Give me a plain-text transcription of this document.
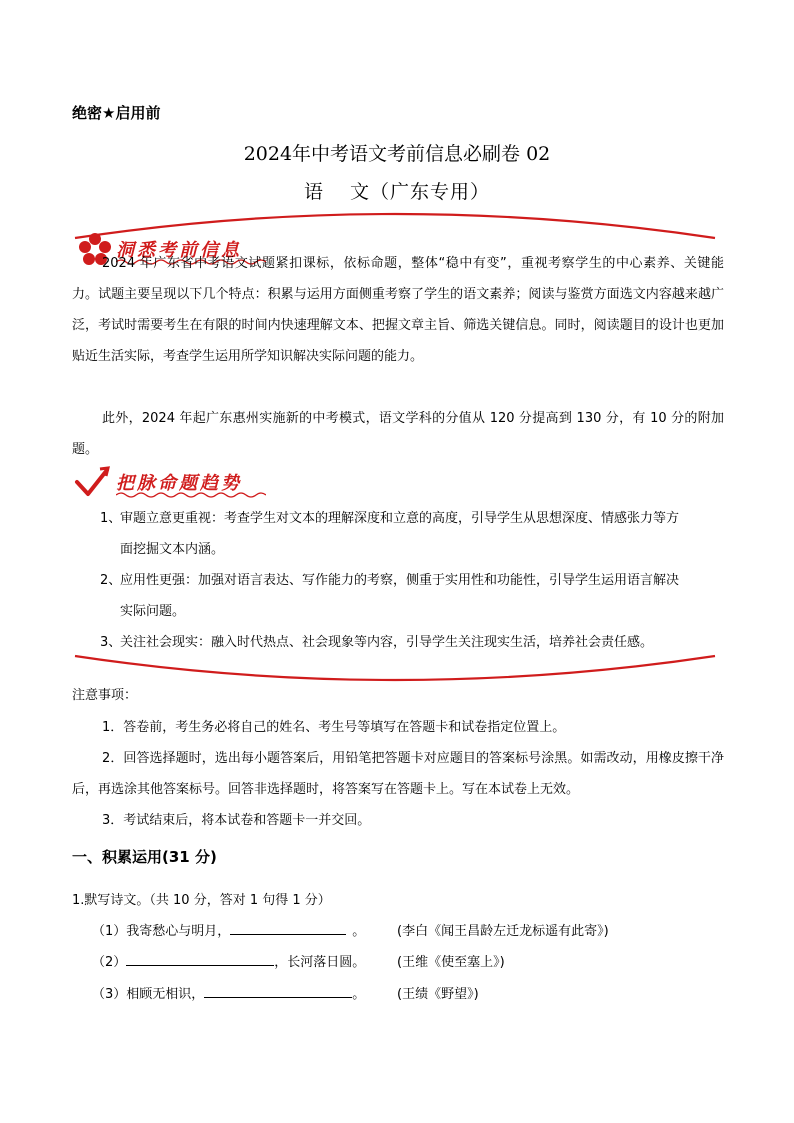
绝密★启用前
2024年中考语文考前信息必刷卷 02
语 文（广东专用）
洞悉考前信息
2024 年广东省中考语文试题紧扣课标，依标命题，整体“稳中有变”，重视考察学生的中心素养、关键能力。试题主要呈现以下几个特点：积累与运用方面侧重考察了学生的语文素养；阅读与鉴赏方面选文内容越来越广泛，考试时需要考生在有限的时间内快速理解文本、把握文章主旨、筛选关键信息。同时，阅读题目的设计也更加贴近生活实际，考查学生运用所学知识解决实际问题的能力。
此外，2024 年起广东惠州实施新的中考模式，语文学科的分值从 120 分提高到 130 分，有 10 分的附加题。
把脉命题趋势
1、审题立意更重视：考查学生对文本的理解深度和立意的高度，引导学生从思想深度、情感张力等方
面挖掘文本内涵。
2、应用性更强：加强对语言表达、写作能力的考察，侧重于实用性和功能性，引导学生运用语言解决
实际问题。
3、关注社会现实：融入时代热点、社会现象等内容，引导学生关注现实生活，培养社会责任感。
注意事项：
1．答卷前，考生务必将自己的姓名、考生号等填写在答题卡和试卷指定位置上。
2．回答选择题时，选出每小题答案后，用铅笔把答题卡对应题目的答案标号涂黑。如需改动，用橡皮擦干净后，再选涂其他答案标号。回答非选择题时，将答案写在答题卡上。写在本试卷上无效。
3．考试结束后，将本试卷和答题卡一并交回。
一、积累运用(31 分)
1.默写诗文。（共 10 分，答对 1 句得 1 分）
（1）我寄愁心与明月，	。 (李白《闻王昌龄左迁龙标遥有此寄》)
（2）	，长河落日圆。 (王维《使至塞上》)
（3）相顾无相识，	。 (王绩《野望》)
